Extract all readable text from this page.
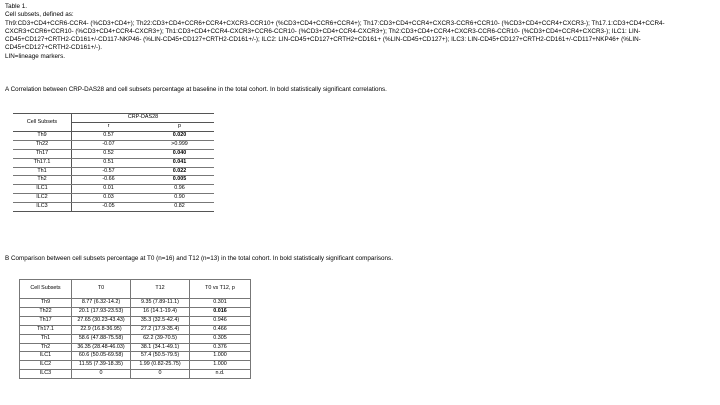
Table 1.
Cell subsets, defined as:
Th9:CD3+CD4+CCR6-CCR4- (%CD3+CD4+); Th22:CD3+CD4+CCR6+CCR4+CXCR3-CCR10+ (%CD3+CD4+CCR6+CCR4+); Th17:CD3+CD4+CCR4+CXCR3-CCR6+CCR10- (%CD3+CD4+CCR4+CXCR3-); Th17.1:CD3+CD4+CCR4-
CXCR3+CCR6+CCR10- (%CD3+CD4+CCR4-CXCR3+); Th1:CD3+CD4+CCR4-CXCR3+CCR6-CCR10- (%CD3+CD4+CCR4-CXCR3+); Th2:CD3+CD4+CCR4+CXCR3-CCR6-CCR10- (%CD3+CD4+CCR4+CXCR3-); ILC1: LIN-
CD45+CD127+CRTH2-CD161+/-CD117-NKP46- (%LIN-CD45+CD127+CRTH2-CD161+/-); ILC2: LIN-CD45+CD127+CRTH2+CD161+ (%LIN-CD45+CD127+); ILC3: LIN-CD45+CD127+CRTH2-CD161+/-CD117+NKP46+ (%LIN-
CD45+CD127+CRTH2-CD161+/-).
LIN=lineage markers.
A Correlation between CRP-DAS28 and cell subsets percentage at baseline in the total cohort. In bold statistically significant correlations.
Cell Subsets	CRP-DAS28	
	r	p
Th9	0.57	0.020
Th22	-0.07	>0.999
Th17	0.52	0.040
Th17.1	0.51	0.041
Th1	-0.57	0.022
Th2	-0.66	0.005
ILC1	0.01	0.96
ILC2	0.03	0.90
ILC3	-0.05	0.82
B Comparison between cell subsets percentage at T0 (n=16) and T12 (n=13) in the total cohort. In bold statistically significant comparisons.
Cell Subsets	T0	T12	T0 vs T12, p
Th9	8.77 (6.32-14.2)	9.35 (7.89-11.1)	0.301
Th22	20.1 (17.93-23.53)	16 (14.1-19.4)	0.016
Th17	27.65 (30.23-43.43)	35.3 (32.5-42.4)	0.946
Th17.1	22.9 (16.8-36.95)	27.2 (17.9-35.4)	0.466
Th1	58.6 (47.88-75.58)	62.2 (39-70.5)	0.305
Th2	36.35 (28.48-46.03)	38.1 (34.1-49.1)	0.376
ILC1	60.6 (50.05-69.58)	57.4 (50.5-79.5)	1.000
ILC2	11.55 (7.39-18.35)	1.99 (0.82-25.75)	1.000
ILC3	0	0	n.d.
